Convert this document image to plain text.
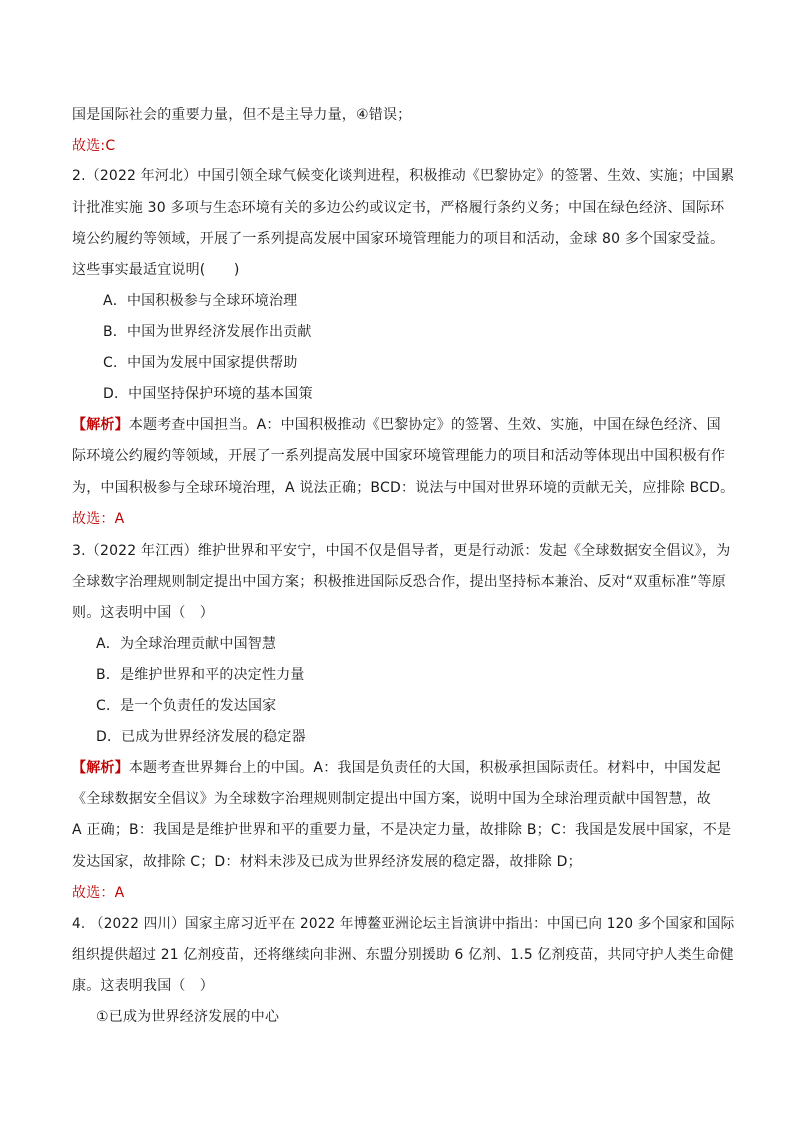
国是国际社会的重要力量，但不是主导力量，④错误；
故选:C
2.（2022 年河北）中国引领全球气候变化谈判进程，积极推动《巴黎协定》的签署、生效、实施；中国累
计批准实施 30 多项与生态环境有关的多边公约或议定书，严格履行条约义务；中国在绿色经济、国际环
境公约履约等领域，开展了一系列提高发展中国家环境管理能力的项目和活动，金球 80 多个国家受益。
这些事实最适宜说明(　　)
A．中国积极参与全球环境治理
B．中国为世界经济发展作出贡献
C．中国为发展中国家提供帮助
D．中国坚持保护环境的基本国策
【解析】本题考查中国担当。A：中国积极推动《巴黎协定》的签署、生效、实施，中国在绿色经济、国
际环境公约履约等领域，开展了一系列提高发展中国家环境管理能力的项目和活动等体现出中国积极有作
为，中国积极参与全球环境治理，A 说法正确；BCD：说法与中国对世界环境的贡献无关，应排除 BCD。
故选：A
3.（2022 年江西）维护世界和平安宁，中国不仅是倡导者，更是行动派：发起《全球数据安全倡议》，为
全球数字治理规则制定提出中国方案；积极推进国际反恐合作，提出坚持标本兼治、反对“双重标准”等原
则。这表明中国（　）
A．为全球治理贡献中国智慧
B．是维护世界和平的决定性力量
C．是一个负责任的发达国家
D．已成为世界经济发展的稳定器
【解析】本题考查世界舞台上的中国。A：我国是负责任的大国，积极承担国际责任。材料中，中国发起
《全球数据安全倡议》为全球数字治理规则制定提出中国方案，说明中国为全球治理贡献中国智慧，故
A 正确；B：我国是是维护世界和平的重要力量，不是决定力量，故排除 B；C：我国是发展中国家，不是
发达国家，故排除 C；D：材料未涉及已成为世界经济发展的稳定器，故排除 D；
故选：A
4. （2022 四川）国家主席习近平在 2022 年博鳌亚洲论坛主旨演讲中指出：中国已向 120 多个国家和国际
组织提供超过 21 亿剂疫苗，还将继续向非洲、东盟分别援助 6 亿剂、1.5 亿剂疫苗，共同守护人类生命健
康。这表明我国（　）
①已成为世界经济发展的中心
